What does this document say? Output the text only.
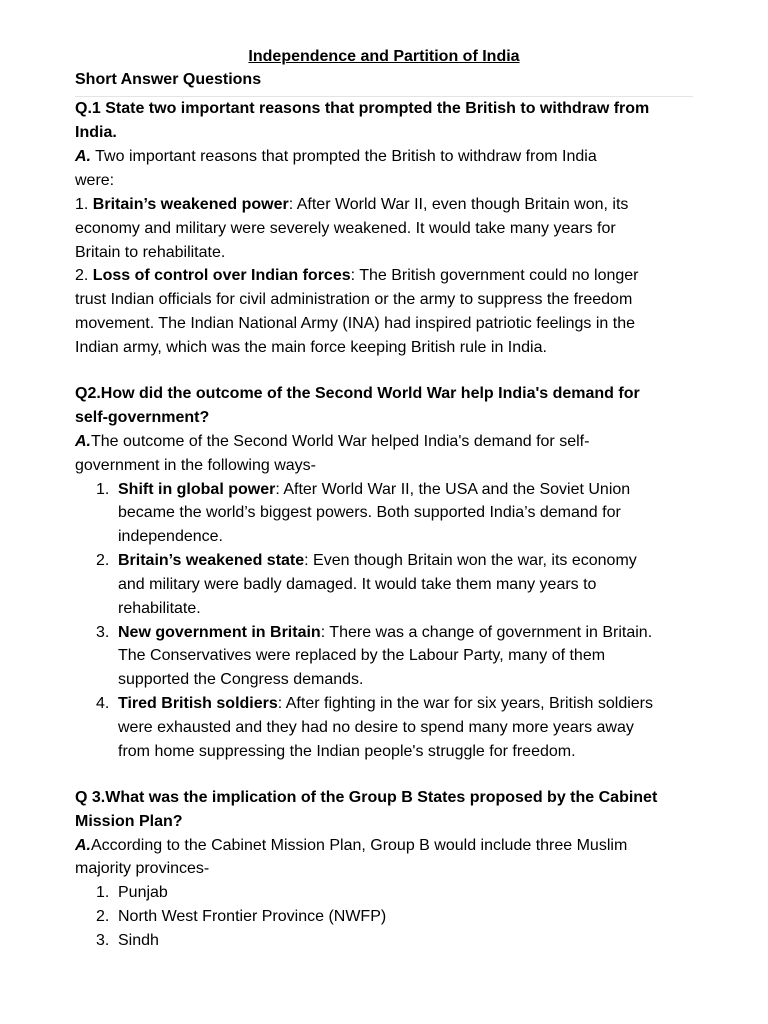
Independence and Partition of India
Short Answer Questions
Q.1 State two important reasons that prompted the British to withdraw from
India.
A. Two important reasons that prompted the British to withdraw from India
were:
1. Britain’s weakened power: After World War II, even though Britain won, its
economy and military were severely weakened. It would take many years for
Britain to rehabilitate.
2. Loss of control over Indian forces: The British government could no longer
trust Indian officials for civil administration or the army to suppress the freedom
movement. The Indian National Army (INA) had inspired patriotic feelings in the
Indian army, which was the main force keeping British rule in India.
Q2.How did the outcome of the Second World War help India's demand for
self-government?
A.The outcome of the Second World War helped India's demand for self-
government in the following ways-
1. Shift in global power: After World War II, the USA and the Soviet Union
became the world’s biggest powers. Both supported India’s demand for
independence.
2. Britain’s weakened state: Even though Britain won the war, its economy
and military were badly damaged. It would take them many years to
rehabilitate.
3. New government in Britain: There was a change of government in Britain.
The Conservatives were replaced by the Labour Party, many of them
supported the Congress demands.
4. Tired British soldiers: After fighting in the war for six years, British soldiers
were exhausted and they had no desire to spend many more years away
from home suppressing the Indian people's struggle for freedom.
Q 3.What was the implication of the Group B States proposed by the Cabinet
Mission Plan?
A.According to the Cabinet Mission Plan, Group B would include three Muslim
majority provinces-
1. Punjab
2. North West Frontier Province (NWFP)
3. Sindh
